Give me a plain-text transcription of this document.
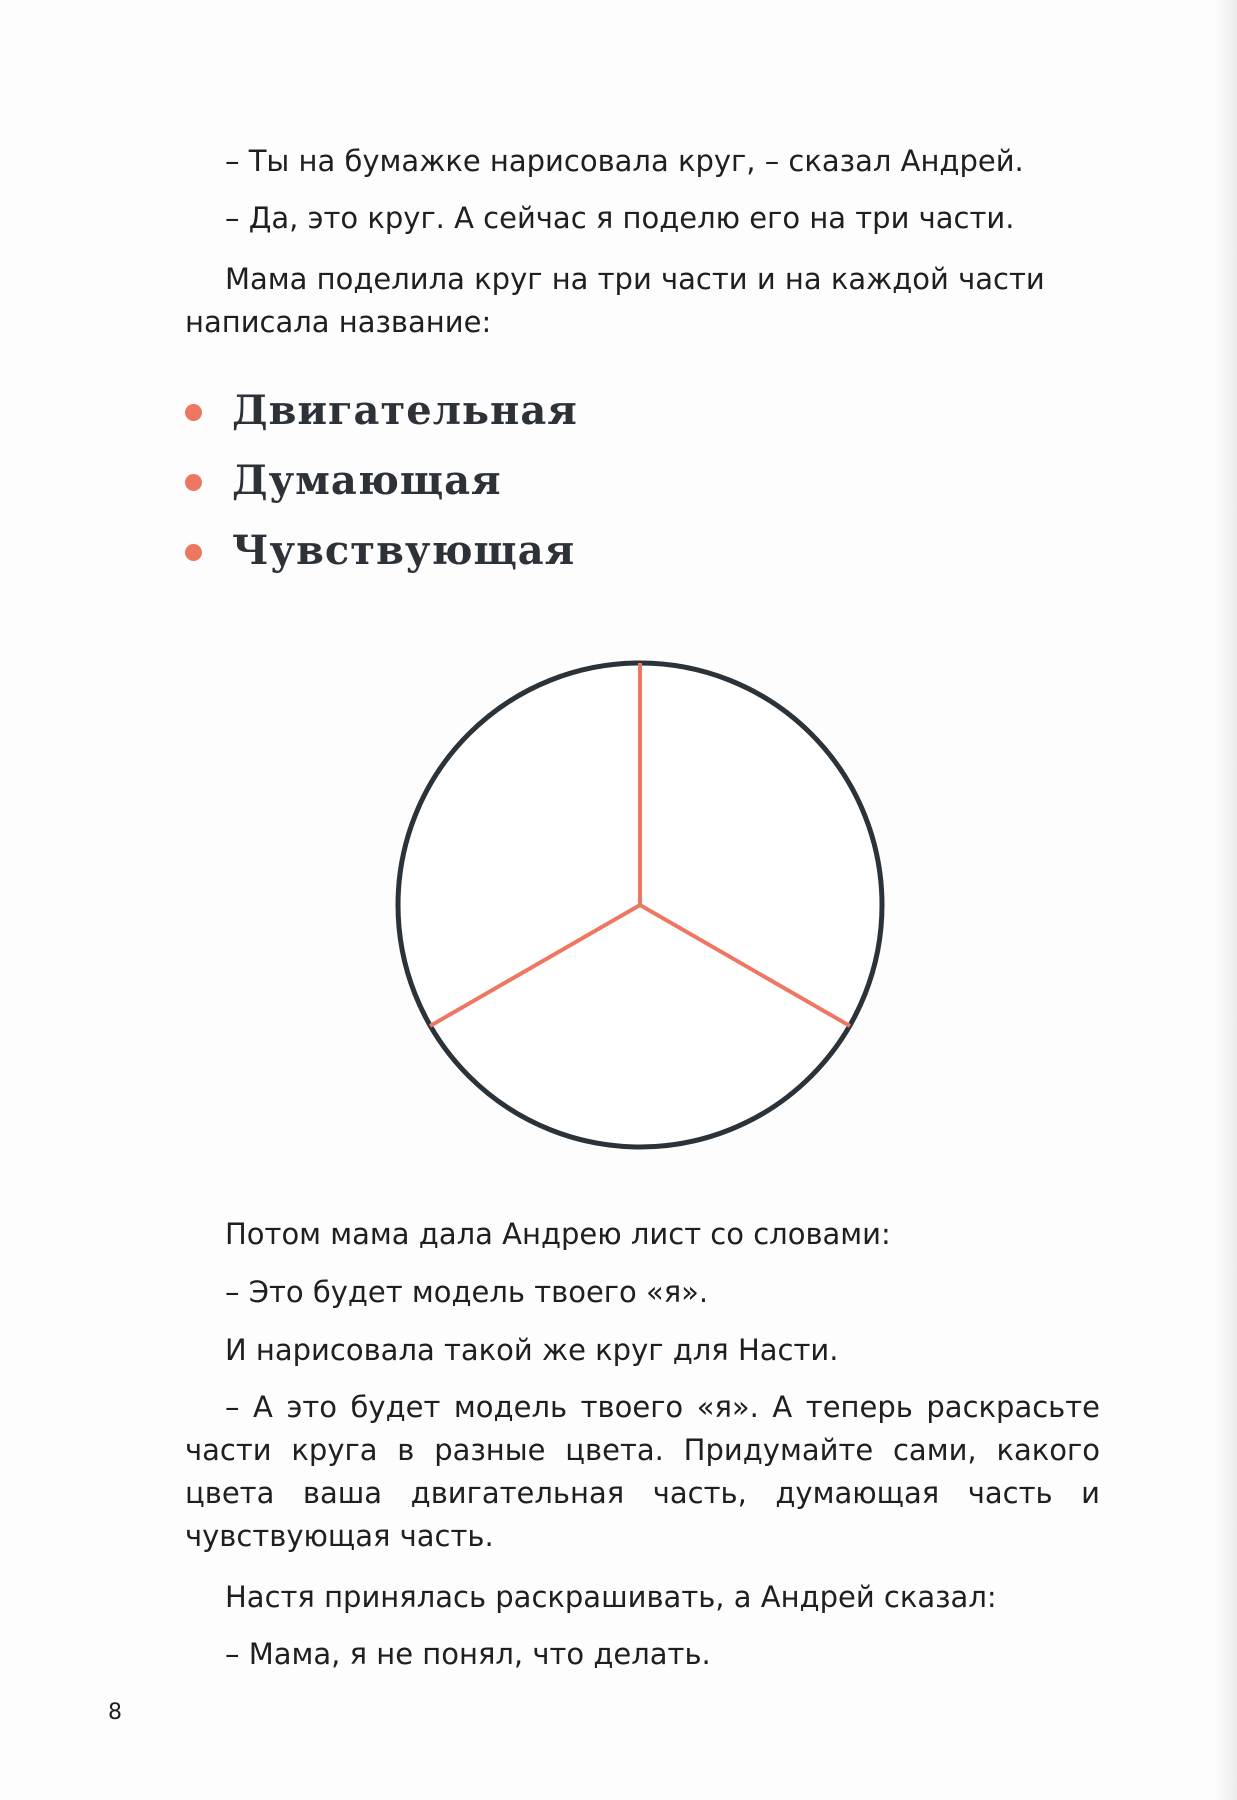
– Ты на бумажке нарисовала круг, – сказал Андрей.

– Да, это круг. А сейчас я поделю его на три части.

Мама поделила круг на три части и на каждой части написала название:

Двигательная
Думающая
Чувствующая

Потом мама дала Андрею лист со словами:

– Это будет модель твоего «я».

И нарисовала такой же круг для Насти.

– А это будет модель твоего «я». А теперь раскрасьте части круга в разные цвета. Придумайте сами, какого цвета ваша двигательная часть, думающая часть и чувствующая часть.

Настя принялась раскрашивать, а Андрей сказал:

– Мама, я не понял, что делать.

8
